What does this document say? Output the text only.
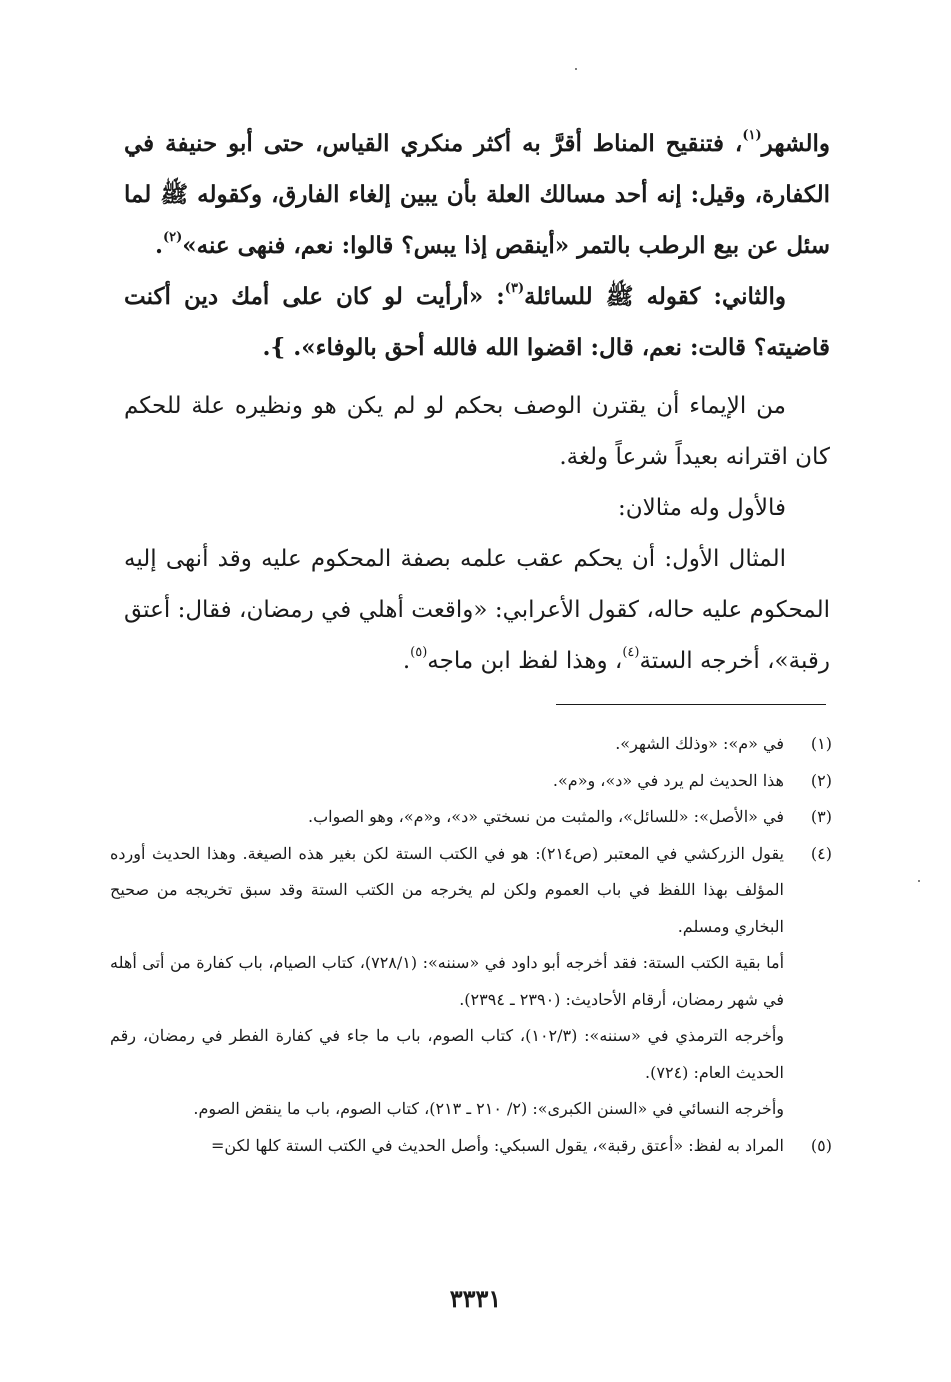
والشهر$^{(١)}$، فتنقيح المناط أقرَّ به أكثر منكري القياس، حتى أبو حنيفة في الكفارة، وقيل: إنه أحد مسالك العلة بأن يبين إلغاء الفارق، وكقوله ﷺ لما سئل عن بيع الرطب بالتمر «أينقص إذا يبس؟ قالوا: نعم، فنهى عنه»$^{(٢)}$.

والثاني: كقوله ﷺ للسائلة$^{(٣)}$: «أرأيت لو كان على أمك دين أكنت قاضيته؟ قالت: نعم، قال: اقضوا الله فالله أحق بالوفاء». }.

من الإيماء أن يقترن الوصف بحكم لو لم يكن هو ونظيره علة للحكم كان اقترانه بعيداً شرعاً ولغة.

فالأول وله مثالان:

المثال الأول: أن يحكم عقب علمه بصفة المحكوم عليه وقد أنهى إليه المحكوم عليه حاله، كقول الأعرابي: «واقعت أهلي في رمضان، فقال: أعتق رقبة»، أخرجه الستة$^{(٤)}$، وهذا لفظ ابن ماجه$^{(٥)}$.

(١)

في «م»: «وذلك الشهر».

(٢)

هذا الحديث لم يرد في «د»، و«م».

(٣)

في «الأصل»: «للسائل»، والمثبت من نسختي «د»، و«م»، وهو الصواب.

(٤)

يقول الزركشي في المعتبر (ص٢١٤): هو في الكتب الستة لكن بغير هذه الصيغة. وهذا الحديث أورده المؤلف بهذا اللفظ في باب العموم ولكن لم يخرجه من الكتب الستة وقد سبق تخريجه من صحيح البخاري ومسلم.

أما بقية الكتب الستة: فقد أخرجه أبو داود في «سننه»: (٧٢٨/١)، كتاب الصيام، باب كفارة من أتى أهله في شهر رمضان، أرقام الأحاديث: (٢٣٩٠ ـ ٢٣٩٤).

وأخرجه الترمذي في «سننه»: (١٠٢/٣)، كتاب الصوم، باب ما جاء في كفارة الفطر في رمضان، رقم الحديث العام: (٧٢٤).

وأخرجه النسائي في «السنن الكبرى»: (٢/ ٢١٠ ـ ٢١٣)، كتاب الصوم، باب ما ينقض الصوم.

(٥)

المراد به لفظ: «أعتق رقبة»، يقول السبكي: وأصل الحديث في الكتب الستة كلها لكن=

٣٣٣١
